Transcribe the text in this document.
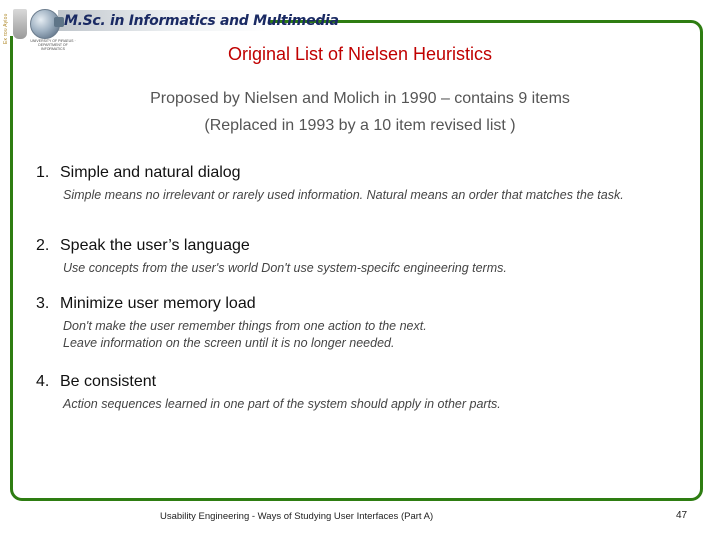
Εκ του Αγίου	M.Sc. in Informatics and Multimedia
UNIVERSITY OF PIRAEUS · DEPARTMENT OF INFORMATICS	Original List of Nielsen Heuristics
Proposed by Nielsen and Molich in 1990 – contains 9 items
(Replaced in 1993 by a 10 item revised list )
1. Simple and natural dialog
Simple means no irrelevant or rarely used information. Natural means an order that matches the task.
2. Speak the user’s language
Use concepts from the user's world Don't use system-specifc engineering terms.
3. Minimize user memory load
Don't make the user remember things from one action to the next.
Leave information on the screen until it is no longer needed.
4. Be consistent
Action sequences learned in one part of the system should apply in other parts.
Usability Engineering - Ways of Studying User Interfaces (Part A)	47
